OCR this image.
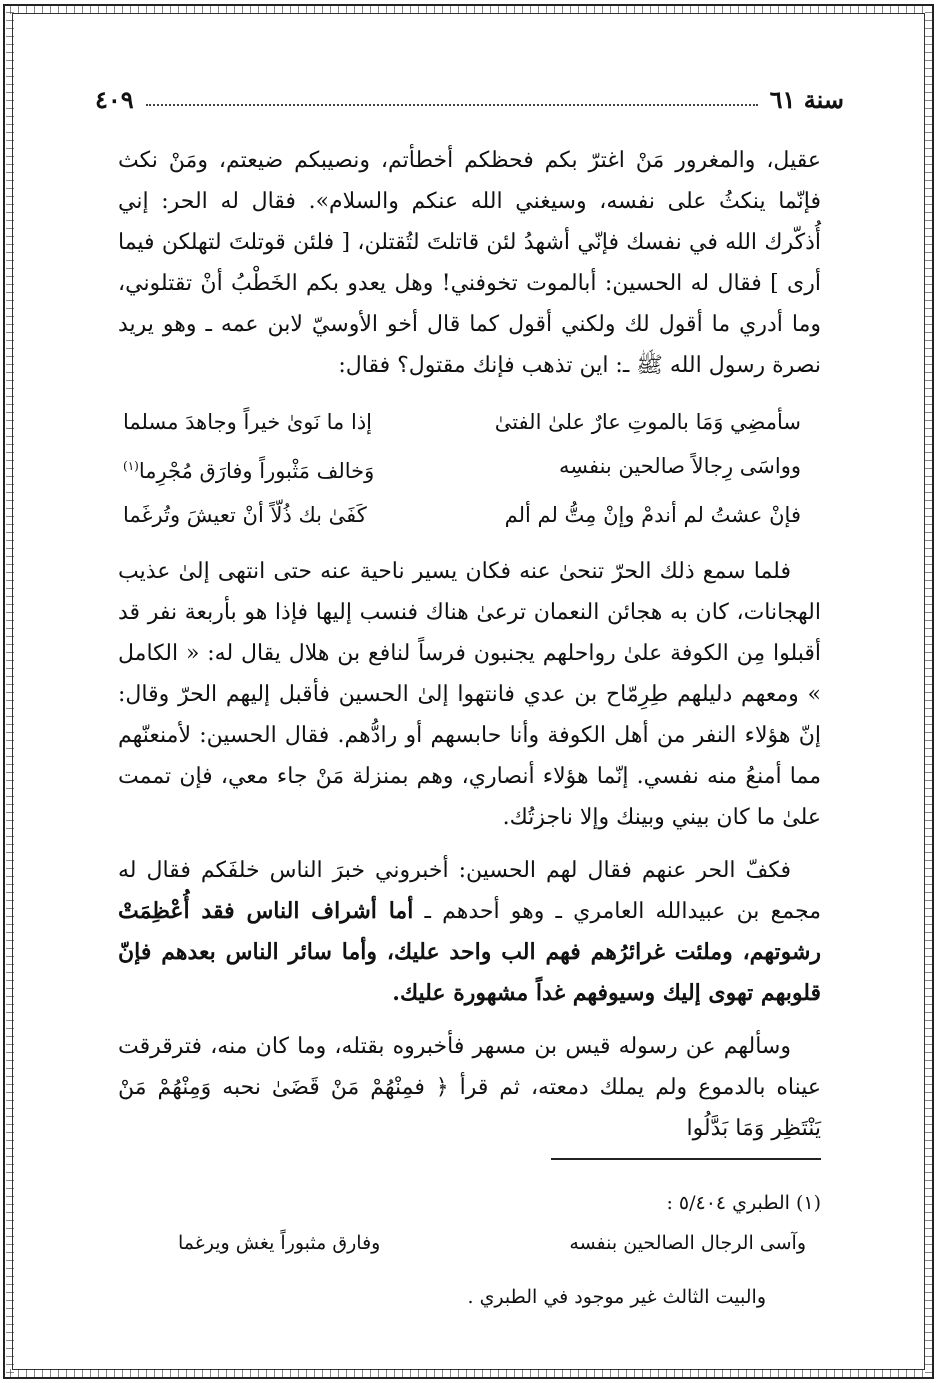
سنة ٦١
٤٠٩

عقيل، والمغرور مَنْ اغترّ بكم فحظكم أخطأتم، ونصيبكم ضيعتم، ومَنْ نكث فإنّما ينكثُ على نفسه، وسيغني الله عنكم والسلام». فقال له الحر: إني أُذكّرك الله في نفسك فإنّي أشهدُ لئن قاتلتَ لتُقتلن، [ فلئن قوتلتَ لتهلكن فيما أرى ] فقال له الحسين: أبالموت تخوفني! وهل يعدو بكم الخَطْبُ أنْ تقتلوني، وما أدري ما أقول لك ولكني أقول كما قال أخو الأوسيّ لابن عمه ـ وهو يريد نصرة رسول الله ﷺ ـ: اين تذهب فإنك مقتول؟ فقال:

سأمضِي وَمَا بالموتِ عارٌ علىٰ الفتىٰ
إذا ما نَوىٰ خيراً وجاهدَ مسلما
وواسَى رِجالاً صالحين بنفسِه
وَخالف مَثْبوراً وفارَق مُجْرِما$^{(١)}$
فإنْ عشتُ لم أندمْ وإنْ مِتُّ لم ألم
كَفَىٰ بك ذُلّاً أنْ تعيشَ وتُرغَما

فلما سمع ذلك الحرّ تنحىٰ عنه فكان يسير ناحية عنه حتى انتهى إلىٰ عذيب الهجانات، كان به هجائن النعمان ترعىٰ هناك فنسب إليها فإذا هو بأربعة نفر قد أقبلوا مِن الكوفة علىٰ رواحلهم يجنبون فرساً لنافع بن هلال يقال له: « الكامل » ومعهم دليلهم طِرِمّاح بن عدي فانتهوا إلىٰ الحسين فأقبل إليهم الحرّ وقال: إنّ هؤلاء النفر من أهل الكوفة وأنا حابسهم أو رادُّهم. فقال الحسين: لأمنعنّهم مما أمنعُ منه نفسي. إنّما هؤلاء أنصاري، وهم بمنزلة مَنْ جاء معي، فإن تممت علىٰ ما كان بيني وبينك وإلا ناجزتُك.

فكفّ الحر عنهم فقال لهم الحسين: أخبروني خبرَ الناس خلفَكم فقال له مجمع بن عبيدالله العامري ـ وهو أحدهم ـ أما أشراف الناس فقد أُعْظِمَتْ رشوتهم، وملئت غرائرُهم فهم الب واحد عليك، وأما سائر الناس بعدهم فإنّ قلوبهم تهوى إليك وسيوفهم غداً مشهورة عليك.

وسألهم عن رسوله قيس بن مسهر فأخبروه بقتله، وما كان منه، فترقرقت عيناه بالدموع ولم يملك دمعته، ثم قرأ ﴿ فمِنْهُمْ مَنْ قَضَىٰ نحبه وَمِنْهُمْ مَنْ يَنْتَظِر وَمَا بَدَّلُوا

(١) الطبري ٥/٤٠٤ :

وآسى الرجال الصالحين بنفسه
وفارق مثبوراً يغش ويرغما

والبيت الثالث غير موجود في الطبري .
